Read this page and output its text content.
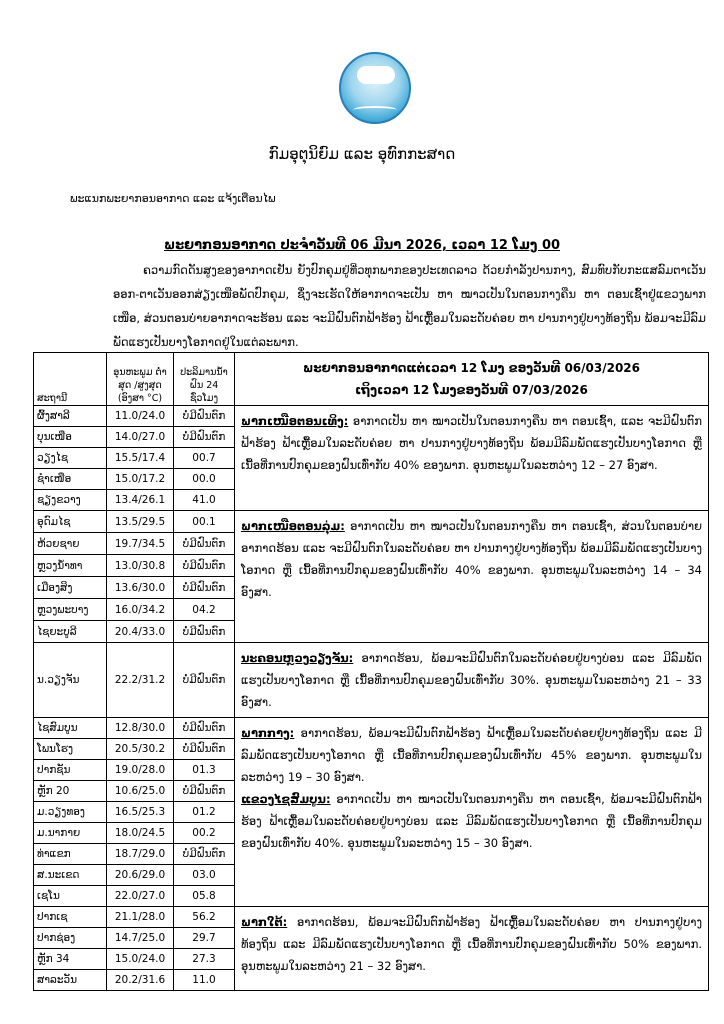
ກົມອຸຕຸນິຍົມ ແລະ ອຸທົກກະສາດ
ພະແນກພະຍາກອນອາກາດ ແລະ ແຈ້ງເຕືອນໄພ
ພະຍາກອນອາກາດ ປະຈຳວັນທີ 06 ມີນາ 2026, ເວລາ 12 ໂມງ 00
ຄວາມກົດດັນສູງຂອງອາກາດເຢັນ ຍັງປົກຄຸມຢູ່ທີ່ວທຸກພາກຂອງປະເທດລາວ ດ້ວຍກຳລັງປານກາງ, ສົມທົບກັບກະແສລົມຕາເວັນອອກ-ຕາເວັນອອກສ່ຽງເໜືອພັດປົກຄຸມ, ຊຶ່ງຈະເຮັດໃຫ້ອາກາດຈະເປັນ ຫາ ໝາວເປັນໃນຕອນກາງຄືນ ຫາ ຕອນເຊົ້າຢູ່ແຂວງພາກເໜືອ, ສ່ວນຕອນບ່າຍອາກາດຈະຮ້ອນ ແລະ ຈະມີຝົນຕົກຟ້າຮ້ອງ ຟ້າເຫຼື້ອມໃນລະດັບຄ່ອຍ ຫາ ປານກາງຢູ່ບາງທ້ອງຖິ່ນ ພ້ອມຈະມີລົມພັດແຮງເປັນບາງໂອກາດຢູ່ໃນແຕ່ລະພາກ.
ສະຖານີ	ອຸນຫະພູມ ຕໍ່າສຸດ /ສູງສຸດ (ອົງສາ °C)	ປະລິມານນ້ຳຝົນ 24 ຊົ່ວໂມງ	ພະຍາກອນອາກາດແຕ່ເວລາ 12 ໂມງ ຂອງວັນທີ 06/03/2026
ເຖິງເວລາ 12 ໂມງຂອງວັນທີ 07/03/2026

ຜົ້ງສາລີ	11.0/24.0	ບໍ່ມີຝົນຕົກ	ພາກເໜືອຕອນເທິງ: ອາກາດເປັນ ຫາ ໝາວເປັນໃນຕອນກາງຄືນ ຫາ ຕອນເຊົ້າ, ແລະ ຈະມີຝົນຕົກຟ້າຮ້ອງ ຟ້າເຫຼື້ອມໃນລະດັບຄ່ອຍ ຫາ ປານກາງຢູ່ບາງທ້ອງຖິ່ນ ພ້ອມມີລົມພັດແຮງເປັນບາງໂອກາດ ຫຼື ເນື້ອທີ່ການປົກຄຸມຂອງຝົນເທົ່າກັບ 40% ຂອງພາກ. ອຸນຫະພູມໃນລະຫວ່າງ 12 – 27 ອົງສາ.

ບຸນເໜືອ	14.0/27.0	ບໍ່ມີຝົນຕົກ	
ວຽງໄຊ	15.5/17.4	00.7	
ຊຳເໜືອ	15.0/17.2	00.0	
ຊຽງຂວາງ	13.4/26.1	41.0	
ອຸດົມໄຊ	13.5/29.5	00.1	ພາກເໜືອຕອນລຸ່ມ: ອາກາດເປັນ ຫາ ໝາວເປັນໃນຕອນກາງຄືນ ຫາ ຕອນເຊົ້າ, ສ່ວນໃນຕອນບ່າຍອາກາດຮ້ອນ ແລະ ຈະມີຝົນຕົກໃນລະດັບຄ່ອຍ ຫາ ປານກາງຢູ່ບາງທ້ອງຖິ່ນ ພ້ອມມີລົມພັດແຮງເປັນບາງໂອກາດ ຫຼື ເນື້ອທີ່ການປົກຄຸມຂອງຝົນເທົ່າກັບ 40% ຂອງພາກ. ອຸນຫະພູມໃນລະຫວ່າງ 14 – 34 ອົງສາ.

ຫ້ວຍຊາຍ	19.7/34.5	ບໍ່ມີຝົນຕົກ	
ຫຼວງນ້ຳທາ	13.0/30.8	ບໍ່ມີຝົນຕົກ	
ເມືອງສິງ	13.6/30.0	ບໍ່ມີຝົນຕົກ	
ຫຼວງພະບາງ	16.0/34.2	04.2	
ໄຊຍະບູລີ	20.4/33.0	ບໍ່ມີຝົນຕົກ	
ນ.ວຽງຈັນ	22.2/31.2	ບໍ່ມີຝົນຕົກ	ນະຄອນຫຼວງວຽງຈັນ: ອາກາດຮ້ອນ, ພ້ອມຈະມີຝົນຕົກໃນລະດັບຄ່ອຍຢູ່ບາງບ່ອນ ແລະ ມີລົມພັດແຮງເປັນບາງໂອກາດ ຫຼື ເນື້ອທີ່ການປົກຄຸມຂອງຝົນເທົ່າກັບ 30%. ອຸນຫະພູມໃນລະຫວ່າງ 21 – 33 ອົງສາ.

ໄຊສົມບູນ	12.8/30.0	ບໍ່ມີຝົນຕົກ	ພາກກາງ: ອາກາດຮ້ອນ, ພ້ອມຈະມີຝົນຕົກຟ້າຮ້ອງ ຟ້າເຫຼື້ອມໃນລະດັບຄ່ອຍຢູ່ບາງທ້ອງຖິ່ນ ແລະ ມີລົມພັດແຮງເປັນບາງໂອກາດ ຫຼື ເນື້ອທີ່ການປົກຄຸມຂອງຝົນເທົ່າກັບ 45% ຂອງພາກ. ອຸນຫະພູມໃນລະຫວ່າງ 19 – 30 ອົງສາ.
ແຂວງໄຊສົມບູນ: ອາກາດເປັນ ຫາ ໝາວເປັນໃນຕອນກາງຄືນ ຫາ ຕອນເຊົ້າ, ພ້ອມຈະມີຝົນຕົກຟ້າຮ້ອງ ຟ້າເຫຼື້ອມໃນລະດັບຄ່ອຍຢູ່ບາງບ່ອນ ແລະ ມີລົມພັດແຮງເປັນບາງໂອກາດ ຫຼື ເນື້ອທີ່ການປົກຄຸມຂອງຝົນເທົ່າກັບ 40%. ອຸນຫະພູມໃນລະຫວ່າງ 15 – 30 ອົງສາ.

ໂພນໂຮງ	20.5/30.2	ບໍ່ມີຝົນຕົກ	
ປາກຊັນ	19.0/28.0	01.3	
ຫຼັກ 20	10.6/25.0	ບໍ່ມີຝົນຕົກ	
ມ.ວຽງທອງ	16.5/25.3	01.2	
ມ.ນາກາຍ	18.0/24.5	00.2	
ທ່າແຂກ	18.7/29.0	ບໍ່ມີຝົນຕົກ	
ສ.ນະເຂດ	20.6/29.0	03.0	
ເຊໂນ	22.0/27.0	05.8	
ປາກເຊ	21.1/28.0	56.2	ພາກໃຕ້: ອາກາດຮ້ອນ, ພ້ອມຈະມີຝົນຕົກຟ້າຮ້ອງ ຟ້າເຫຼື້ອມໃນລະດັບຄ່ອຍ ຫາ ປານກາງຢູ່ບາງທ້ອງຖິ່ນ ແລະ ມີລົມພັດແຮງເປັນບາງໂອກາດ ຫຼື ເນື້ອທີ່ການປົກຄຸມຂອງຝົນເທົ່າກັບ 50% ຂອງພາກ. ອຸນຫະພູມໃນລະຫວ່າງ 21 – 32 ອົງສາ.

ປາກຊ່ອງ	14.7/25.0	29.7	
ຫຼັກ 34	15.0/24.0	27.3	
ສາລະວັນ	20.2/31.6	11.0	
